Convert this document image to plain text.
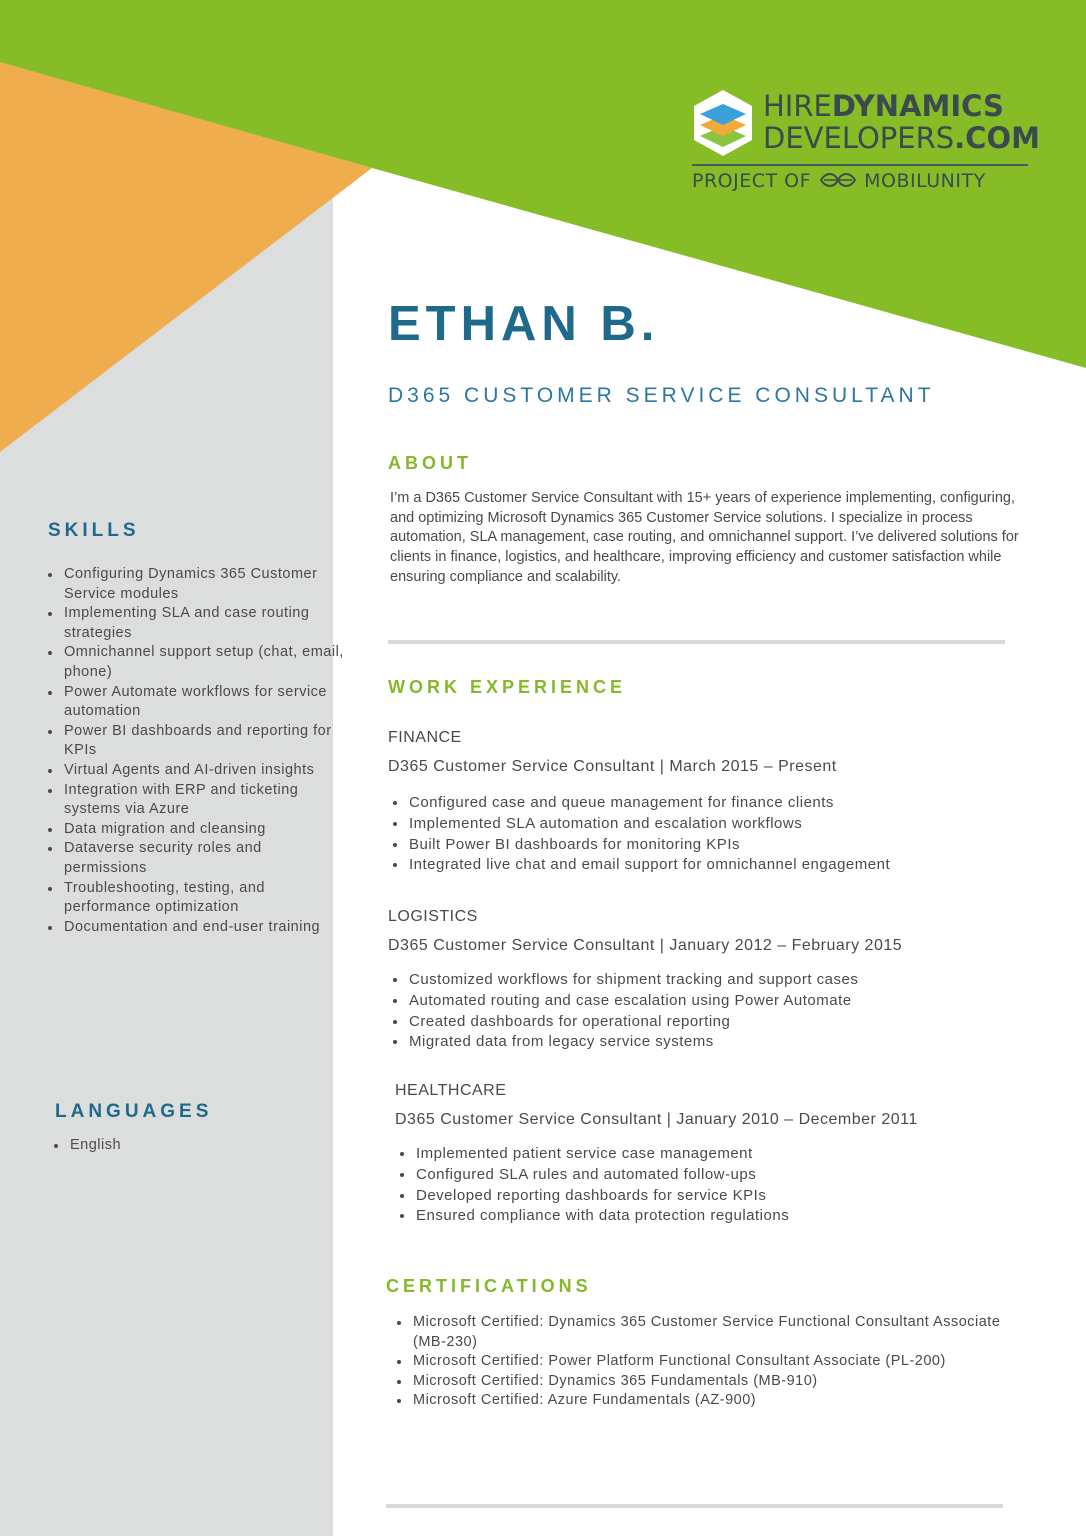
HIREDYNAMICS
DEVELOPERS.COM
PROJECT OF	MOBILUNITY
ETHAN B.
D365 CUSTOMER SERVICE CONSULTANT
ABOUT

I’m a D365 Customer Service Consultant with 15+ years of experience implementing, configuring, and optimizing Microsoft Dynamics 365 Customer Service solutions. I specialize in process automation, SLA management, case routing, and omnichannel support. I’ve delivered solutions for clients in finance, logistics, and healthcare, improving efficiency and customer satisfaction while ensuring compliance and scalability.

WORK EXPERIENCE
FINANCE
D365 Customer Service Consultant | March 2015 – Present
Configured case and queue management for finance clients
Implemented SLA automation and escalation workflows
Built Power BI dashboards for monitoring KPIs
Integrated live chat and email support for omnichannel engagement
LOGISTICS
D365 Customer Service Consultant | January 2012 – February 2015
Customized workflows for shipment tracking and support cases
Automated routing and case escalation using Power Automate
Created dashboards for operational reporting
Migrated data from legacy service systems
HEALTHCARE
D365 Customer Service Consultant | January 2010 – December 2011
Implemented patient service case management
Configured SLA rules and automated follow-ups
Developed reporting dashboards for service KPIs
Ensured compliance with data protection regulations
CERTIFICATIONS
Microsoft Certified: Dynamics 365 Customer Service Functional Consultant Associate (MB-230)
Microsoft Certified: Power Platform Functional Consultant Associate (PL-200)
Microsoft Certified: Dynamics 365 Fundamentals (MB-910)
Microsoft Certified: Azure Fundamentals (AZ-900)
SKILLS
Configuring Dynamics 365 Customer Service modules
Implementing SLA and case routing strategies
Omnichannel support setup (chat, email, phone)
Power Automate workflows for service automation
Power BI dashboards and reporting for KPIs
Virtual Agents and AI-driven insights
Integration with ERP and ticketing systems via Azure
Data migration and cleansing
Dataverse security roles and permissions
Troubleshooting, testing, and performance optimization
Documentation and end-user training
LANGUAGES
English
